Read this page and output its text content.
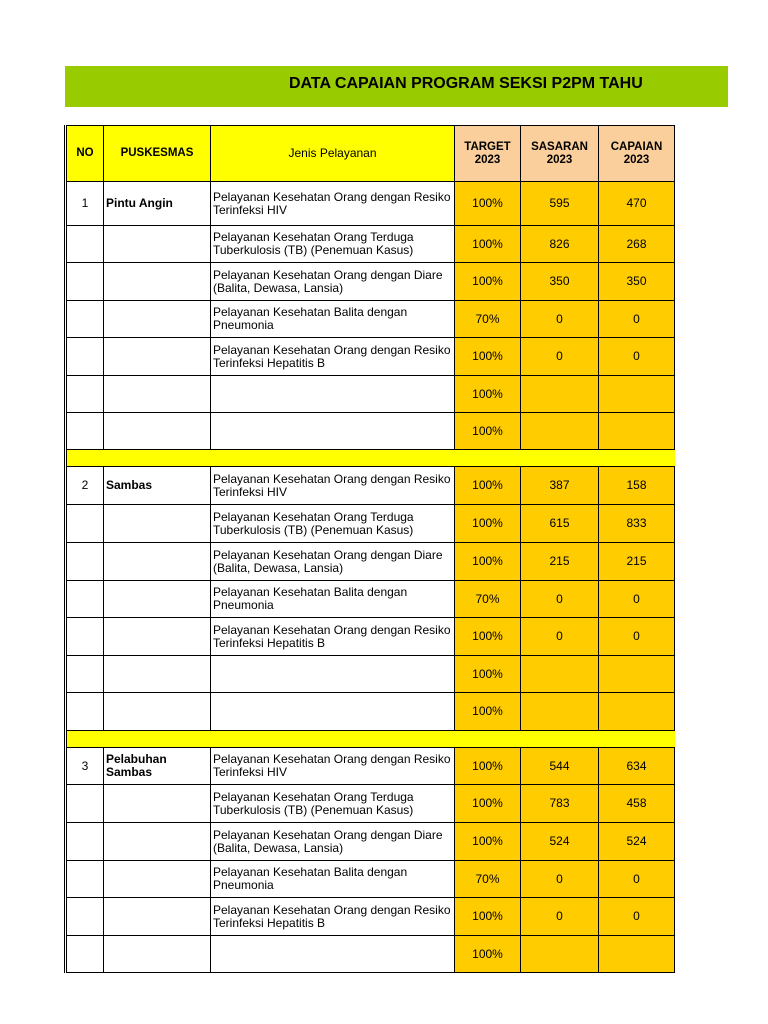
DATA CAPAIAN PROGRAM SEKSI P2PM TAHU
NO	PUSKESMAS	Jenis Pelayanan	TARGET 2023	SASARAN 2023	CAPAIAN 2023
1	Pintu Angin	Pelayanan Kesehatan Orang dengan Resiko Terinfeksi HIV	100%	595	470
		Pelayanan Kesehatan Orang Terduga Tuberkulosis (TB) (Penemuan Kasus)	100%	826	268
		Pelayanan Kesehatan Orang dengan Diare (Balita, Dewasa, Lansia)	100%	350	350
		Pelayanan Kesehatan Balita dengan Pneumonia	70%	0	0
		Pelayanan Kesehatan Orang dengan Resiko Terinfeksi Hepatitis B	100%	0	0
			100%		
			100%		

2	Sambas	Pelayanan Kesehatan Orang dengan Resiko Terinfeksi HIV	100%	387	158
		Pelayanan Kesehatan Orang Terduga Tuberkulosis (TB) (Penemuan Kasus)	100%	615	833
		Pelayanan Kesehatan Orang dengan Diare (Balita, Dewasa, Lansia)	100%	215	215
		Pelayanan Kesehatan Balita dengan Pneumonia	70%	0	0
		Pelayanan Kesehatan Orang dengan Resiko Terinfeksi Hepatitis B	100%	0	0
			100%		
			100%		

3	Pelabuhan Sambas	Pelayanan Kesehatan Orang dengan Resiko Terinfeksi HIV	100%	544	634
		Pelayanan Kesehatan Orang Terduga Tuberkulosis (TB) (Penemuan Kasus)	100%	783	458
		Pelayanan Kesehatan Orang dengan Diare (Balita, Dewasa, Lansia)	100%	524	524
		Pelayanan Kesehatan Balita dengan Pneumonia	70%	0	0
		Pelayanan Kesehatan Orang dengan Resiko Terinfeksi Hepatitis B	100%	0	0
			100%		
